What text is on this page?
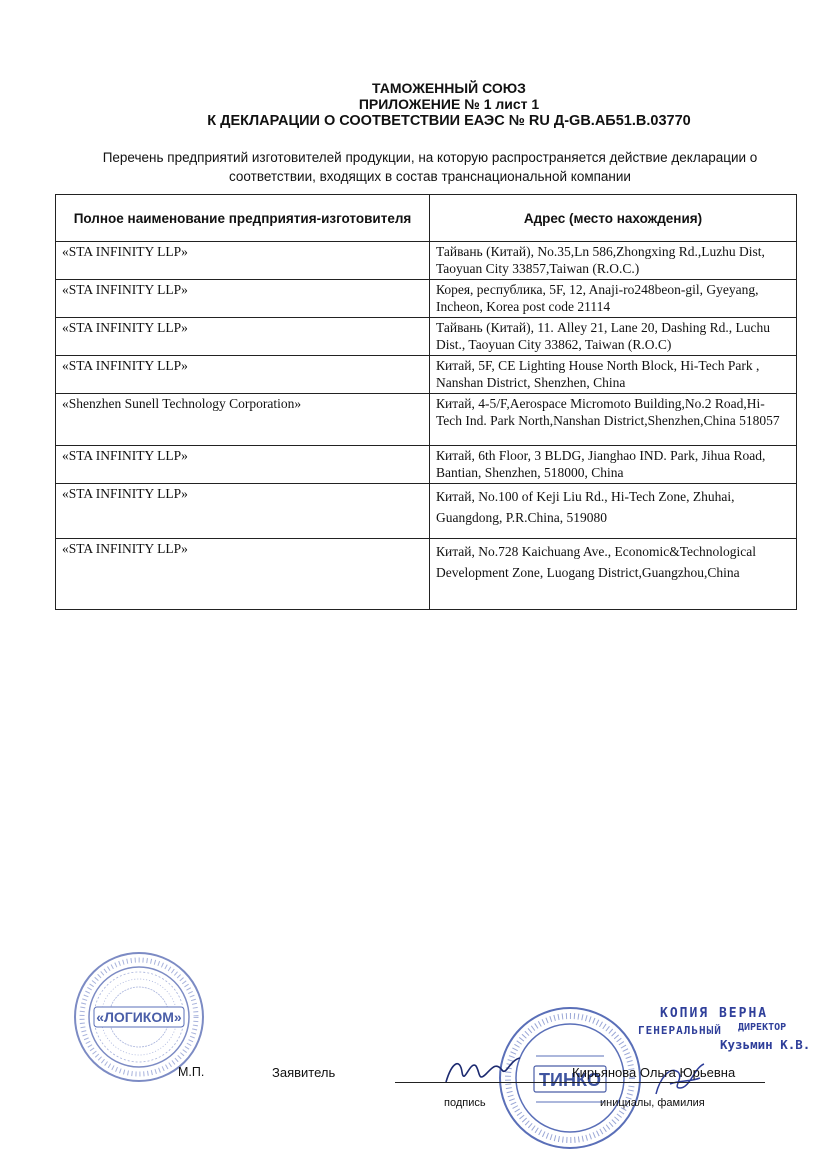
ТАМОЖЕННЫЙ СОЮЗ
ПРИЛОЖЕНИЕ № 1 лист 1
К ДЕКЛАРАЦИИ О СООТВЕТСТВИИ ЕАЭС № RU Д-GB.АБ51.В.03770
Перечень предприятий изготовителей продукции, на которую распространяется действие декларации о соответствии, входящих в состав транснациональной компании
Полное наименование предприятия-изготовителя	Адрес (место нахождения)
«STA INFINITY LLP»	Тайвань (Китай), No.35,Ln 586,Zhongxing Rd.,Luzhu Dist, Taoyuan City 33857,Taiwan (R.O.C.)
«STA INFINITY LLP»	Корея, республика, 5F, 12, Anaji-ro248beon-gil, Gyeyang, Incheon, Korea post code 21114
«STA INFINITY LLP»	Тайвань (Китай), 11. Alley 21, Lane 20, Dashing Rd., Luchu Dist., Taoyuan City 33862, Taiwan (R.O.C)
«STA INFINITY LLP»	Китай, 5F, CE Lighting House North Block, Hi-Tech Park , Nanshan District, Shenzhen, China
«Shenzhen Sunell Technology Corporation»	Китай, 4-5/F,Aerospace Micromoto Building,No.2 Road,Hi-Tech Ind. Park North,Nanshan District,Shenzhen,China 518057
«STA INFINITY LLP»	Китай, 6th Floor, 3 BLDG, Jianghao IND. Park, Jihua Road, Bantian, Shenzhen, 518000, China
«STA INFINITY LLP»	Китай, No.100 of Keji Liu Rd., Hi-Tech Zone, Zhuhai, Guangdong, P.R.China, 519080
«STA INFINITY LLP»	Китай, No.728 Kaichuang Ave., Economic&Technological Development Zone, Luogang District,Guangzhou,China
«ЛОГИКОМ»
ТИНКО
М.П.	Заявитель	Кирьянова Ольга Юрьевна
подпись	инициалы, фамилия
КОПИЯ ВЕРНА
ГЕНЕРАЛЬНЫЙ ДИРЕКТОР
Кузьмин К.В.
